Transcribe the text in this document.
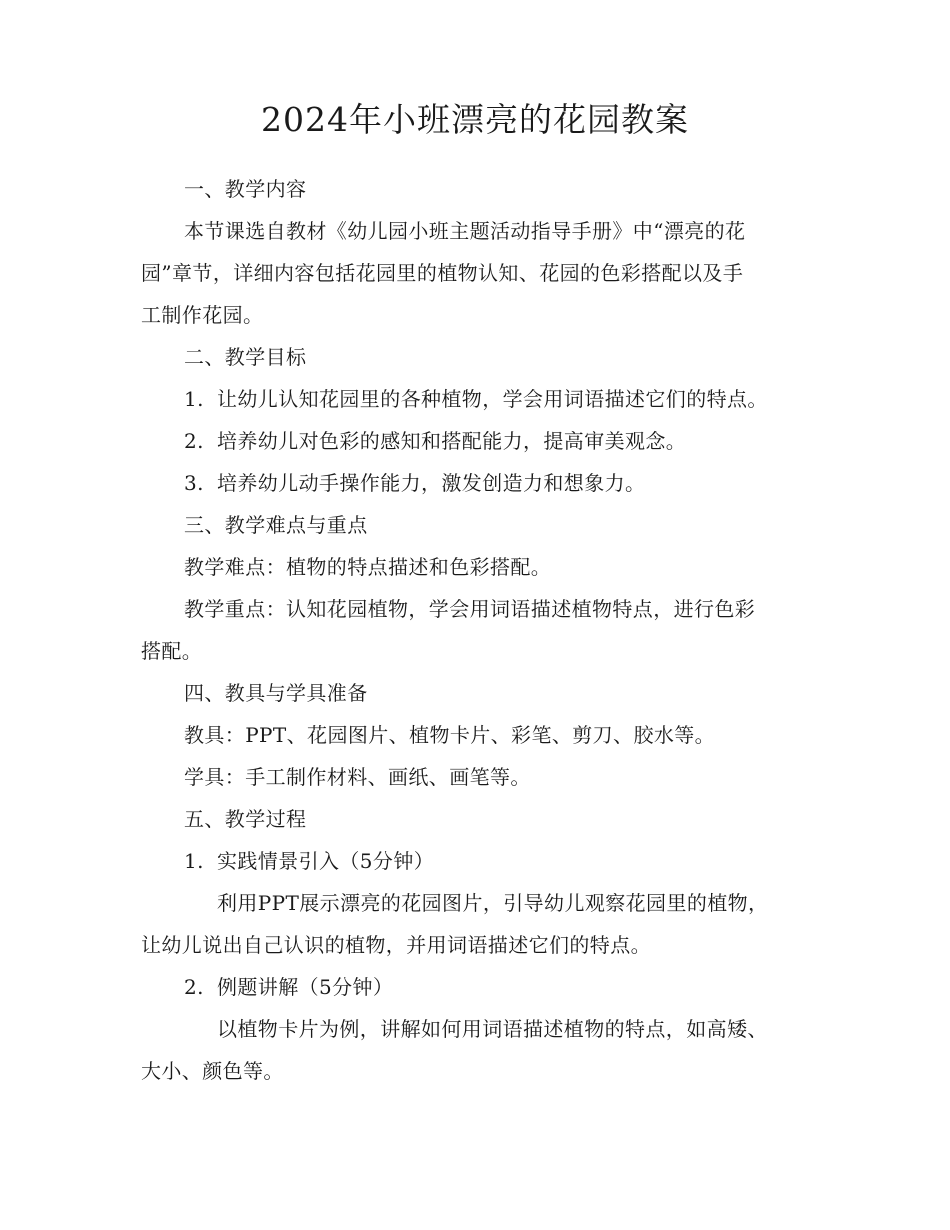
2024年小班漂亮的花园教案
一、教学内容
本节课选自教材《幼儿园小班主题活动指导手册》中“漂亮的花
园”章节，详细内容包括花园里的植物认知、花园的色彩搭配以及手
工制作花园。
二、教学目标
1. 让幼儿认知花园里的各种植物，学会用词语描述它们的特点。
2. 培养幼儿对色彩的感知和搭配能力，提高审美观念。
3. 培养幼儿动手操作能力，激发创造力和想象力。
三、教学难点与重点
教学难点：植物的特点描述和色彩搭配。
教学重点：认知花园植物，学会用词语描述植物特点，进行色彩
搭配。
四、教具与学具准备
教具：PPT、花园图片、植物卡片、彩笔、剪刀、胶水等。
学具：手工制作材料、画纸、画笔等。
五、教学过程
1. 实践情景引入（5分钟）
利用PPT展示漂亮的花园图片，引导幼儿观察花园里的植物，
让幼儿说出自己认识的植物，并用词语描述它们的特点。
2. 例题讲解（5分钟）
以植物卡片为例，讲解如何用词语描述植物的特点，如高矮、
大小、颜色等。
